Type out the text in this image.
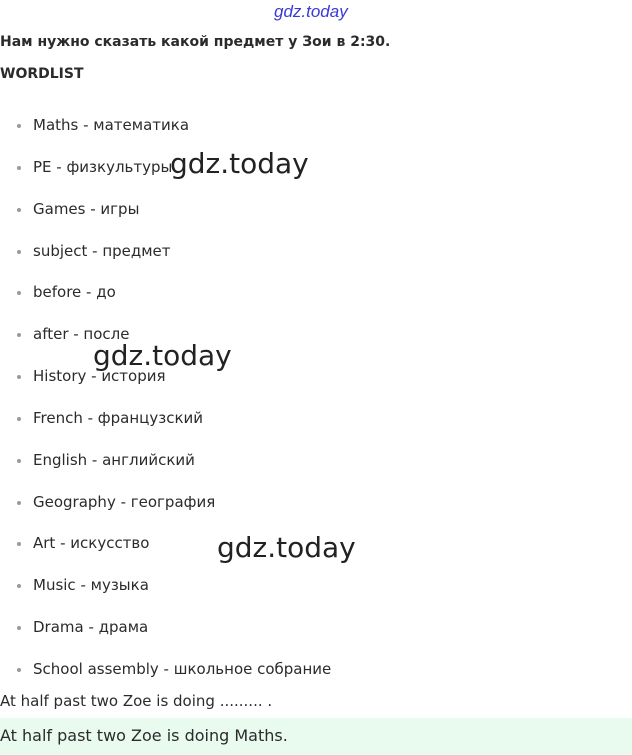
gdz.today
Нам нужно сказать какой предмет у Зои в 2:30.
WORDLIST
Maths - математика
PE - физкультуры
Games - игры
subject - предмет
before - до
after - после
History - история
French - французский
English - английский
Geography - география
Art - искусство
Music - музыка
Drama - драма
School assembly - школьное собрание
At half past two Zoe is doing ......... .
At half past two Zoe is doing Maths.
gdz.today
gdz.today
gdz.today
